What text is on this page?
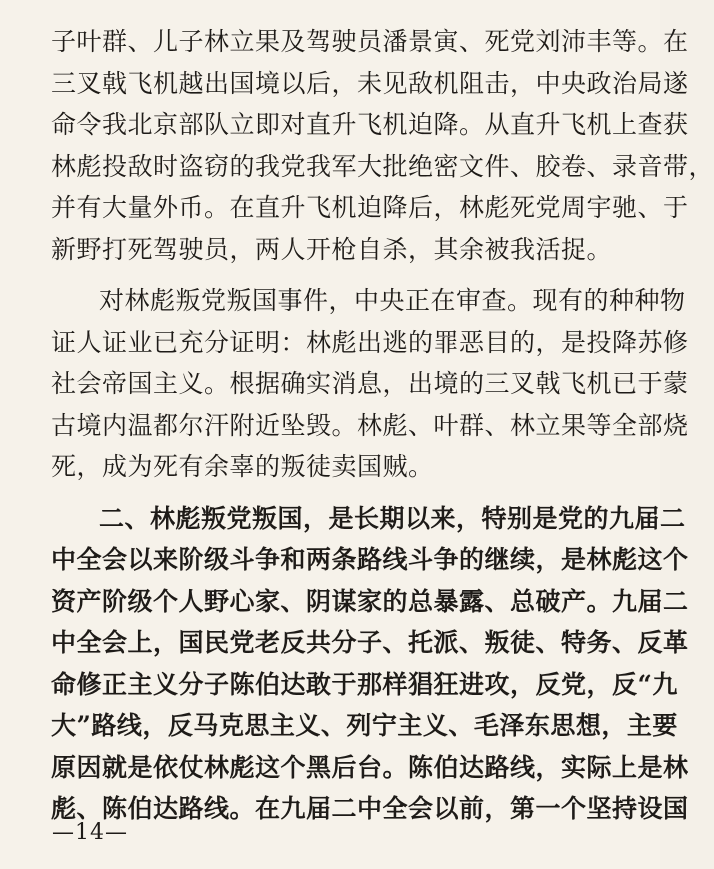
子叶群、儿子林立果及驾驶员潘景寅、死党刘沛丰等。在

三叉戟飞机越出国境以后，未见敌机阻击，中央政治局遂

命令我北京部队立即对直升飞机迫降。从直升飞机上查获

林彪投敌时盗窃的我党我军大批绝密文件、胶卷、录音带，

并有大量外币。在直升飞机迫降后，林彪死党周宇驰、于

新野打死驾驶员，两人开枪自杀，其余被我活捉。

对林彪叛党叛国事件，中央正在审查。现有的种种物

证人证业已充分证明：林彪出逃的罪恶目的，是投降苏修

社会帝国主义。根据确实消息，出境的三叉戟飞机已于蒙

古境内温都尔汗附近坠毁。林彪、叶群、林立果等全部烧

死，成为死有余辜的叛徒卖国贼。

二、林彪叛党叛国，是长期以来，特别是党的九届二

中全会以来阶级斗争和两条路线斗争的继续，是林彪这个

资产阶级个人野心家、阴谋家的总暴露、总破产。九届二

中全会上，国民党老反共分子、托派、叛徒、特务、反革

命修正主义分子陈伯达敢于那样猖狂进攻，反党，反“九

大”路线，反马克思主义、列宁主义、毛泽东思想，主要

原因就是依仗林彪这个黑后台。陈伯达路线，实际上是林

彪、陈伯达路线。在九届二中全会以前，第一个坚持设国

—14—
